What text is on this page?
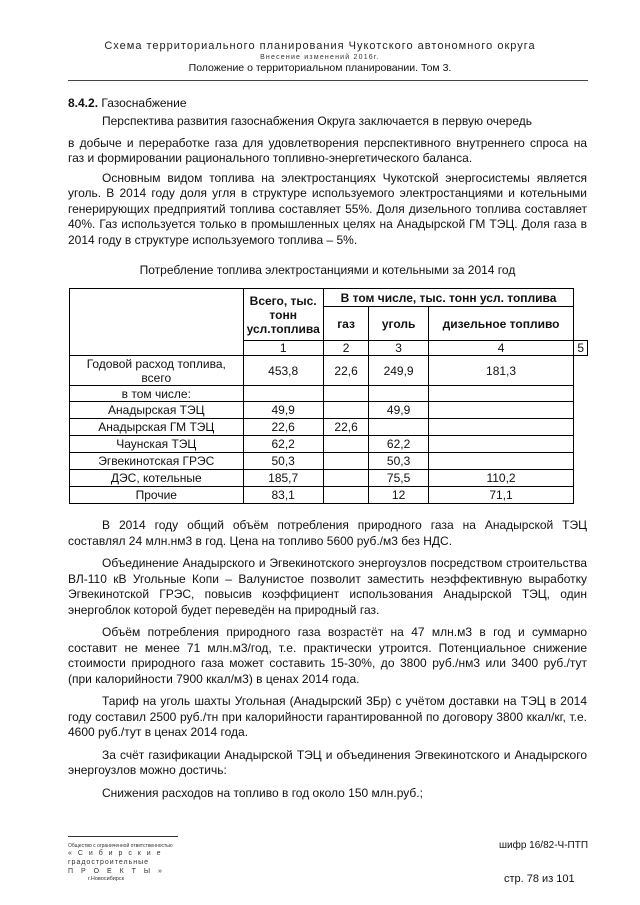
Схема территориального планирования Чукотского автономного округа
Внесение изменений 2016г.
Положение о территориальном планировании. Том 3.
8.4.2. Газоснабжение

Перспектива развития газоснабжения Округа заключается в первую очередь

в добыче и переработке газа для удовлетворения перспективного внутреннего спроса на газ и формировании рационального топливно-энергетического баланса.

Основным видом топлива на электростанциях Чукотской энергосистемы является уголь. В 2014 году доля угля в структуре используемого электростанциями и котельными генерирующих предприятий топлива составляет 55%. Доля дизельного топлива составляет 40%. Газ используется только в промышленных целях на Анадырской ГМ ТЭЦ. Доля газа в 2014 году в структуре используемого топлива – 5%.

Потребление топлива электростанциями и котельными за 2014 год
	Всего, тыс. тонн усл.топлива	В том числе, тыс. тонн усл. топлива			
		газ	уголь	дизельное топливо	
	1	2	3	4	5
Годовой расход топлива, всего	453,8	22,6	249,9	181,3	
в том числе:					
Анадырская ТЭЦ	49,9		49,9		
Анадырская ГМ ТЭЦ	22,6	22,6			
Чаунская ТЭЦ	62,2		62,2		
Эгвекинотская ГРЭС	50,3		50,3		
ДЭС, котельные	185,7		75,5	110,2	
Прочие	83,1		12	71,1	

В 2014 году общий объём потребления природного газа на Анадырской ТЭЦ составлял 24 млн.нм3 в год. Цена на топливо 5600 руб./м3 без НДС.

Объединение Анадырского и Эгвекинотского энергоузлов посредством строительства ВЛ-110 кВ Угольные Копи – Валунистое позволит заместить неэффективную выработку Эгвекинотской ГРЭС, повысив коэффициент использования Анадырской ТЭЦ, один энергоблок которой будет переведён на природный газ.

Объём потребления природного газа возрастёт на 47 млн.м3 в год и суммарно составит не менее 71 млн.м3/год, т.е. практически утроится. Потенциальное снижение стоимости природного газа может составить 15-30%, до 3800 руб./нм3 или 3400 руб./тут (при калорийности 7900 ккал/м3) в ценах 2014 года.

Тариф на уголь шахты Угольная (Анадырский 3Бр) с учётом доставки на ТЭЦ в 2014 году составил 2500 руб./тн при калорийности гарантированной по договору 3800 ккал/кг, т.е. 4600 руб./тут в ценах 2014 года.

За счёт газификации Анадырской ТЭЦ и объединения Эгвекинотского и Анадырского энергоузлов можно достичь:

Снижения расходов на топливо в год около 150 млн.руб.;

Общество с ограниченной ответственностью
« С и б и р с к и е
градостроительные
П Р О Е К Т Ы »
г.Новосибирск
шифр 16/82-Ч-ПТП
стр. 78 из 101
